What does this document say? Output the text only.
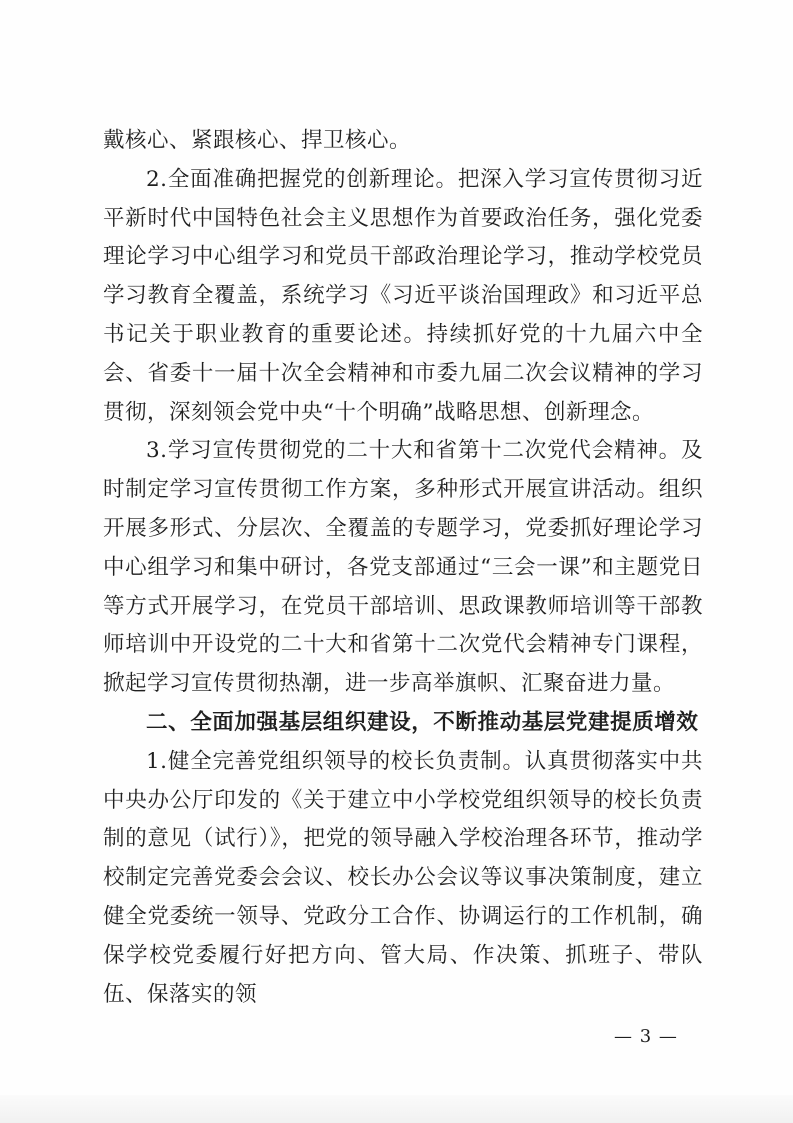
戴核心、紧跟核心、捍卫核心。

2.全面准确把握党的创新理论。把深入学习宣传贯彻习近平新时代中国特色社会主义思想作为首要政治任务，强化党委理论学习中心组学习和党员干部政治理论学习，推动学校党员学习教育全覆盖，系统学习《习近平谈治国理政》和习近平总书记关于职业教育的重要论述。持续抓好党的十九届六中全会、省委十一届十次全会精神和市委九届二次会议精神的学习贯彻，深刻领会党中央“十个明确”战略思想、创新理念。

3.学习宣传贯彻党的二十大和省第十二次党代会精神。及时制定学习宣传贯彻工作方案，多种形式开展宣讲活动。组织开展多形式、分层次、全覆盖的专题学习，党委抓好理论学习中心组学习和集中研讨，各党支部通过“三会一课”和主题党日等方式开展学习，在党员干部培训、思政课教师培训等干部教师培训中开设党的二十大和省第十二次党代会精神专门课程，掀起学习宣传贯彻热潮，进一步高举旗帜、汇聚奋进力量。

二、全面加强基层组织建设，不断推动基层党建提质增效

1.健全完善党组织领导的校长负责制。认真贯彻落实中共中央办公厅印发的《关于建立中小学校党组织领导的校长负责制的意见（试行）》，把党的领导融入学校治理各环节，推动学校制定完善党委会会议、校长办公会议等议事决策制度，建立健全党委统一领导、党政分工合作、协调运行的工作机制，确保学校党委履行好把方向、管大局、作决策、抓班子、带队伍、保落实的领

— 3 —
